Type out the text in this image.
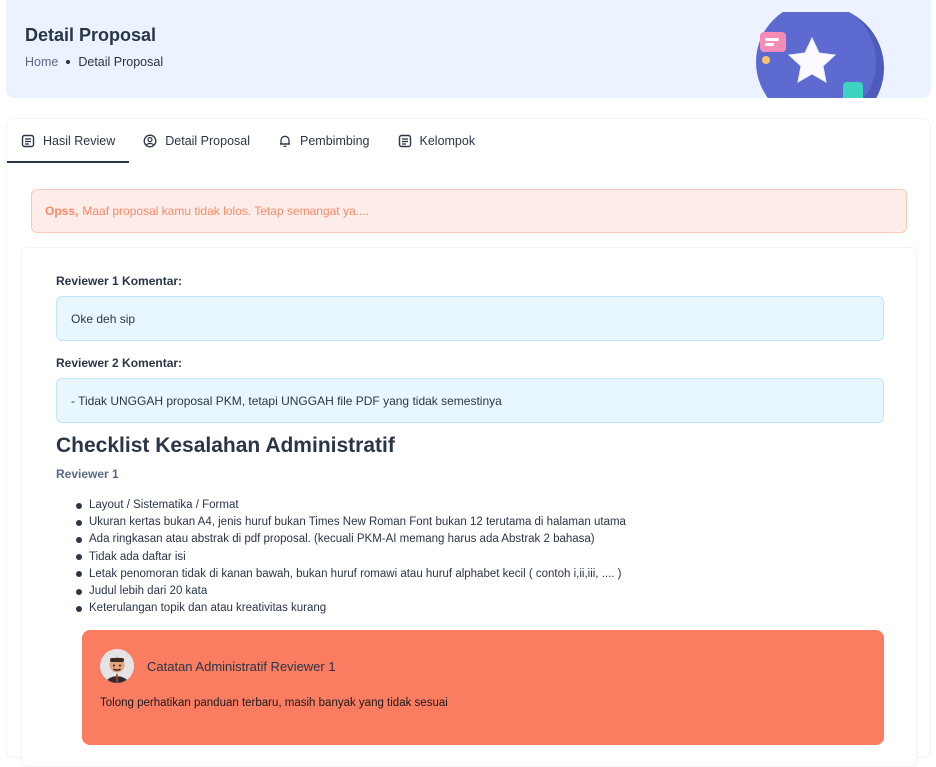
Detail Proposal
Home Detail Proposal
Hasil Review	Detail Proposal	Pembimbing	Kelompok
Opss, Maaf proposal kamu tidak lolos. Tetap semangat ya....
Reviewer 1 Komentar:
Oke deh sip
Reviewer 2 Komentar:
- Tidak UNGGAH proposal PKM, tetapi UNGGAH file PDF yang tidak semestinya
Checklist Kesalahan Administratif
Reviewer 1
Layout / Sistematika / Format
Ukuran kertas bukan A4, jenis huruf bukan Times New Roman Font bukan 12 terutama di halaman utama
Ada ringkasan atau abstrak di pdf proposal. (kecuali PKM-AI memang harus ada Abstrak 2 bahasa)
Tidak ada daftar isi
Letak penomoran tidak di kanan bawah, bukan huruf romawi atau huruf alphabet kecil ( contoh i,ii,iii, .... )
Judul lebih dari 20 kata
Keterulangan topik dan atau kreativitas kurang
Catatan Administratif Reviewer 1
Tolong perhatikan panduan terbaru, masih banyak yang tidak sesuai
